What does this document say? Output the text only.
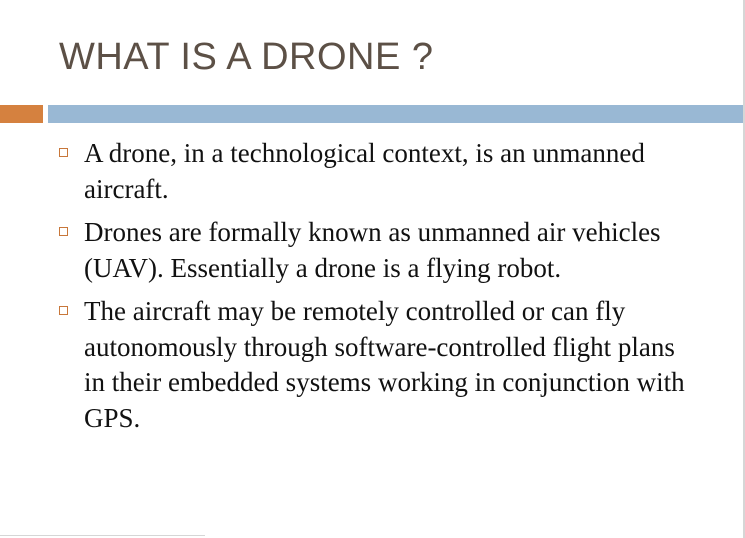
WHAT IS A DRONE ?
A drone, in a technological context, is an unmanned aircraft.
Drones are formally known as unmanned air vehicles (UAV). Essentially a drone is a flying robot.
The aircraft may be remotely controlled or can fly autonomously through software-controlled flight plans in their embedded systems working in conjunction with GPS.
